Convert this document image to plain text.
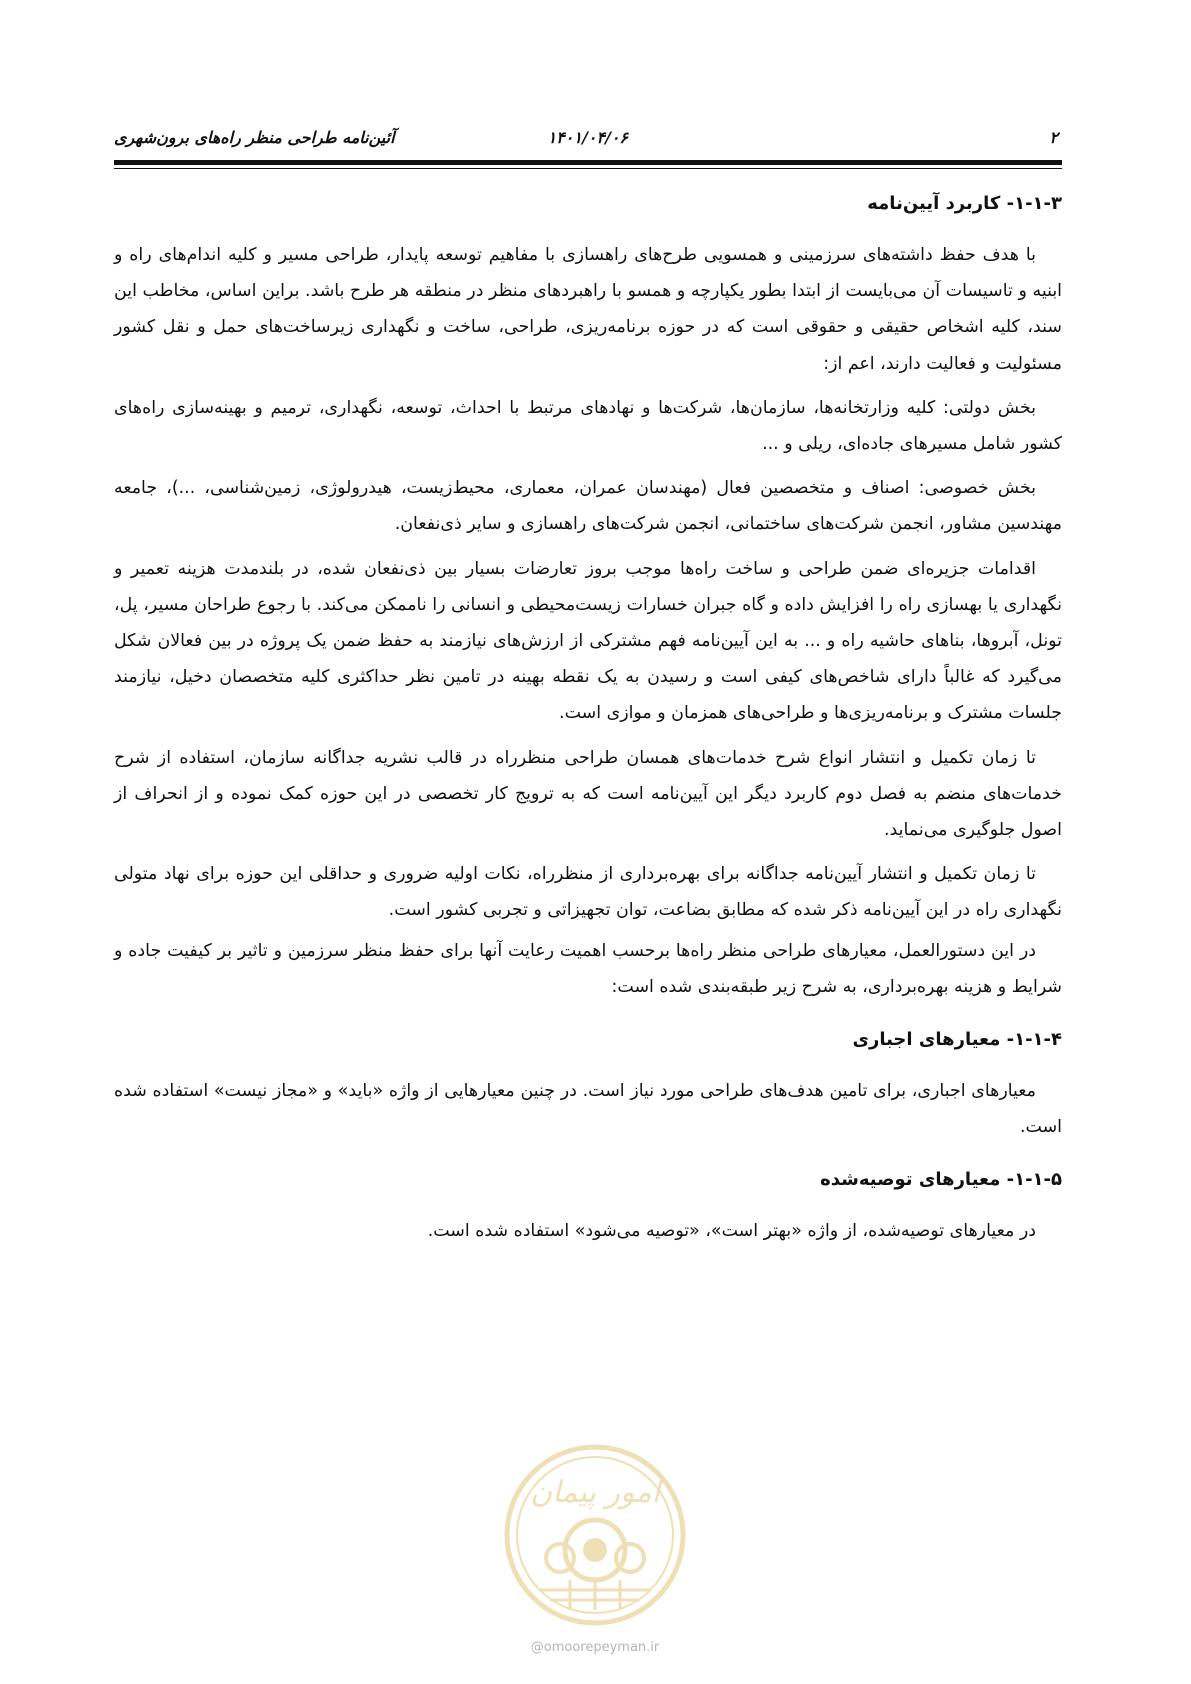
۲
۱۴۰۱/۰۴/۰۶
آئین‌نامه طراحی منظر راه‌های برون‌شهری
۱-۱-۳- کاربرد آیین‌نامه

با هدف حفظ داشته‌های سرزمینی و همسویی طرح‌های راهسازی با مفاهیم توسعه پایدار، طراحی مسیر و کلیه اندام‌های راه و ابنیه و تاسیسات آن می‌بایست از ابتدا بطور یکپارچه و همسو با راهبردهای منظر در منطقه هر طرح باشد. براین اساس، مخاطب این سند، کلیه اشخاص حقیقی و حقوقی است که در حوزه برنامه‌ریزی، طراحی، ساخت و نگهداری زیرساخت‌های حمل و نقل کشور مسئولیت و فعالیت دارند، اعم از:

بخش دولتی: کلیه وزارتخانه‌ها، سازمان‌ها، شرکت‌ها و نهادهای مرتبط با احداث، توسعه، نگهداری، ترمیم و بهینه‌سازی راه‌های کشور شامل مسیرهای جاده‌ای، ریلی و ...

بخش خصوصی: اصناف و متخصصین فعال (مهندسان عمران، معماری، محیط‌زیست، هیدرولوژی، زمین‌شناسی، ...)، جامعه مهندسین مشاور، انجمن شرکت‌های ساختمانی، انجمن شرکت‌های راهسازی و سایر ذی‌نفعان.

اقدامات جزیره‌ای ضمن طراحی و ساخت راه‌ها موجب بروز تعارضات بسیار بین ذی‌نفعان شده، در بلندمدت هزینه تعمیر و نگهداری یا بهسازی راه را افزایش داده و گاه جبران خسارات زیست‌محیطی و انسانی را ناممکن می‌کند. با رجوع طراحان مسیر، پل، تونل، آبروها، بناهای حاشیه راه و ... به این آیین‌نامه فهم مشترکی از ارزش‌های نیازمند به حفظ ضمن یک پروژه در بین فعالان شکل می‌گیرد که غالباً دارای شاخص‌های کیفی است و رسیدن به یک نقطه بهینه در تامین نظر حداکثری کلیه متخصصان دخیل، نیازمند جلسات مشترک و برنامه‌ریزی‌ها و طراحی‌های همزمان و موازی است.

تا زمان تکمیل و انتشار انواع شرح خدمات‌های همسان طراحی منظرراه در قالب نشریه جداگانه سازمان، استفاده از شرح خدمات‌های منضم به فصل دوم کاربرد دیگر این آیین‌نامه است که به ترویج کار تخصصی در این حوزه کمک نموده و از انحراف از اصول جلوگیری می‌نماید.

تا زمان تکمیل و انتشار آیین‌نامه جداگانه برای بهره‌برداری از منظرراه، نکات اولیه ضروری و حداقلی این حوزه برای نهاد متولی نگهداری راه در این آیین‌نامه ذکر شده که مطابق بضاعت، توان تجهیزاتی و تجربی کشور است.

در این دستورالعمل، معیارهای طراحی منظر راه‌ها برحسب اهمیت رعایت آنها برای حفظ منظر سرزمین و تاثیر بر کیفیت جاده و شرایط و هزینه بهره‌برداری، به شرح زیر طبقه‌بندی شده است:

۱-۱-۴- معیارهای اجباری

معیارهای اجباری، برای تامین هدف‌های طراحی مورد نیاز است. در چنین معیارهایی از واژه «باید» و «مجاز نیست» استفاده شده است.

۱-۱-۵- معیارهای توصیه‌شده

در معیارهای توصیه‌شده، از واژه «بهتر است»، «توصیه می‌شود» استفاده شده است.

امور پیمان
@omoorepeyman.ir
